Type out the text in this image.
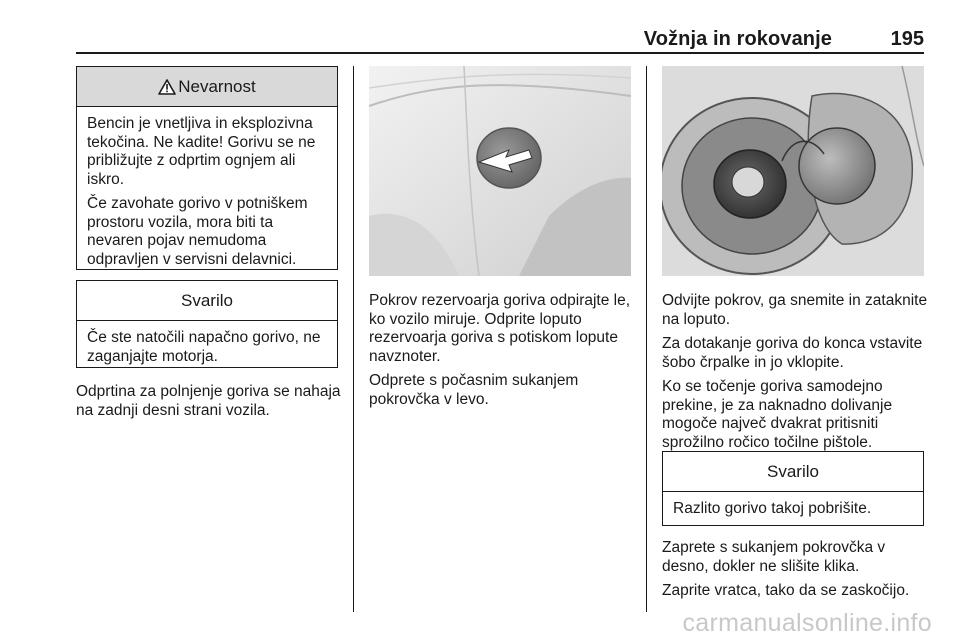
Vožnja in rokovanje	195
Nevarnost

Bencin je vnetljiva in eksplozivna tekočina. Ne kadite! Gorivu se ne približujte z odprtim ognjem ali iskro.

Če zavohate gorivo v potniškem prostoru vozila, mora biti ta nevaren pojav nemudoma odpravljen v servisni delavnici.

Svarilo

Če ste natočili napačno gorivo, ne zaganjajte motorja.

Odprtina za polnjenje goriva se nahaja na zadnji desni strani vozila.

Pokrov rezervoarja goriva odpirajte le, ko vozilo miruje. Odprite loputo rezervoarja goriva s potiskom lopute navznoter.

Odprete s počasnim sukanjem pokrovčka v levo.

Odvijte pokrov, ga snemite in zataknite na loputo.

Za dotakanje goriva do konca vstavite šobo črpalke in jo vklopite.

Ko se točenje goriva samodejno prekine, je za naknadno dolivanje mogoče največ dvakrat pritisniti sprožilno ročico točilne pištole.

Svarilo

Razlito gorivo takoj pobrišite.

Zaprete s sukanjem pokrovčka v desno, dokler ne slišite klika.

Zaprite vratca, tako da se zaskočijo.

carmanualsonline.info
